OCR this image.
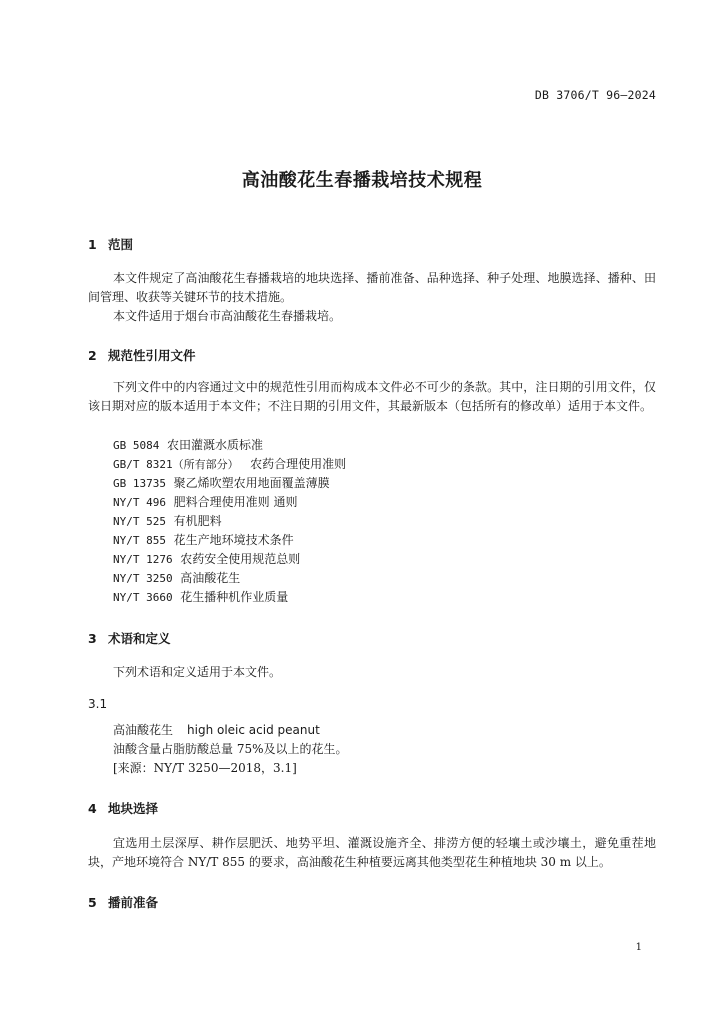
DB 3706/T 96—2024
高油酸花生春播栽培技术规程
1 范围
本文件规定了高油酸花生春播栽培的地块选择、播前准备、品种选择、种子处理、地膜选择、播种、田间管理、收获等关键环节的技术措施。
本文件适用于烟台市高油酸花生春播栽培。
2 规范性引用文件
下列文件中的内容通过文中的规范性引用而构成本文件必不可少的条款。其中，注日期的引用文件，仅该日期对应的版本适用于本文件；不注日期的引用文件，其最新版本（包括所有的修改单）适用于本文件。
GB 5084 农田灌溉水质标准
GB/T 8321（所有部分） 农药合理使用准则
GB 13735 聚乙烯吹塑农用地面覆盖薄膜
NY/T 496 肥料合理使用准则 通则
NY/T 525 有机肥料
NY/T 855 花生产地环境技术条件
NY/T 1276 农药安全使用规范总则
NY/T 3250 高油酸花生
NY/T 3660 花生播种机作业质量
3 术语和定义
下列术语和定义适用于本文件。
3.1
高油酸花生 high oleic acid peanut
油酸含量占脂肪酸总量 75%及以上的花生。
[来源：NY/T 3250—2018，3.1]
4 地块选择
宜选用土层深厚、耕作层肥沃、地势平坦、灌溉设施齐全、排涝方便的轻壤土或沙壤土，避免重茬地块，产地环境符合 NY/T 855 的要求，高油酸花生种植要远离其他类型花生种植地块 30 m 以上。
5 播前准备
1
